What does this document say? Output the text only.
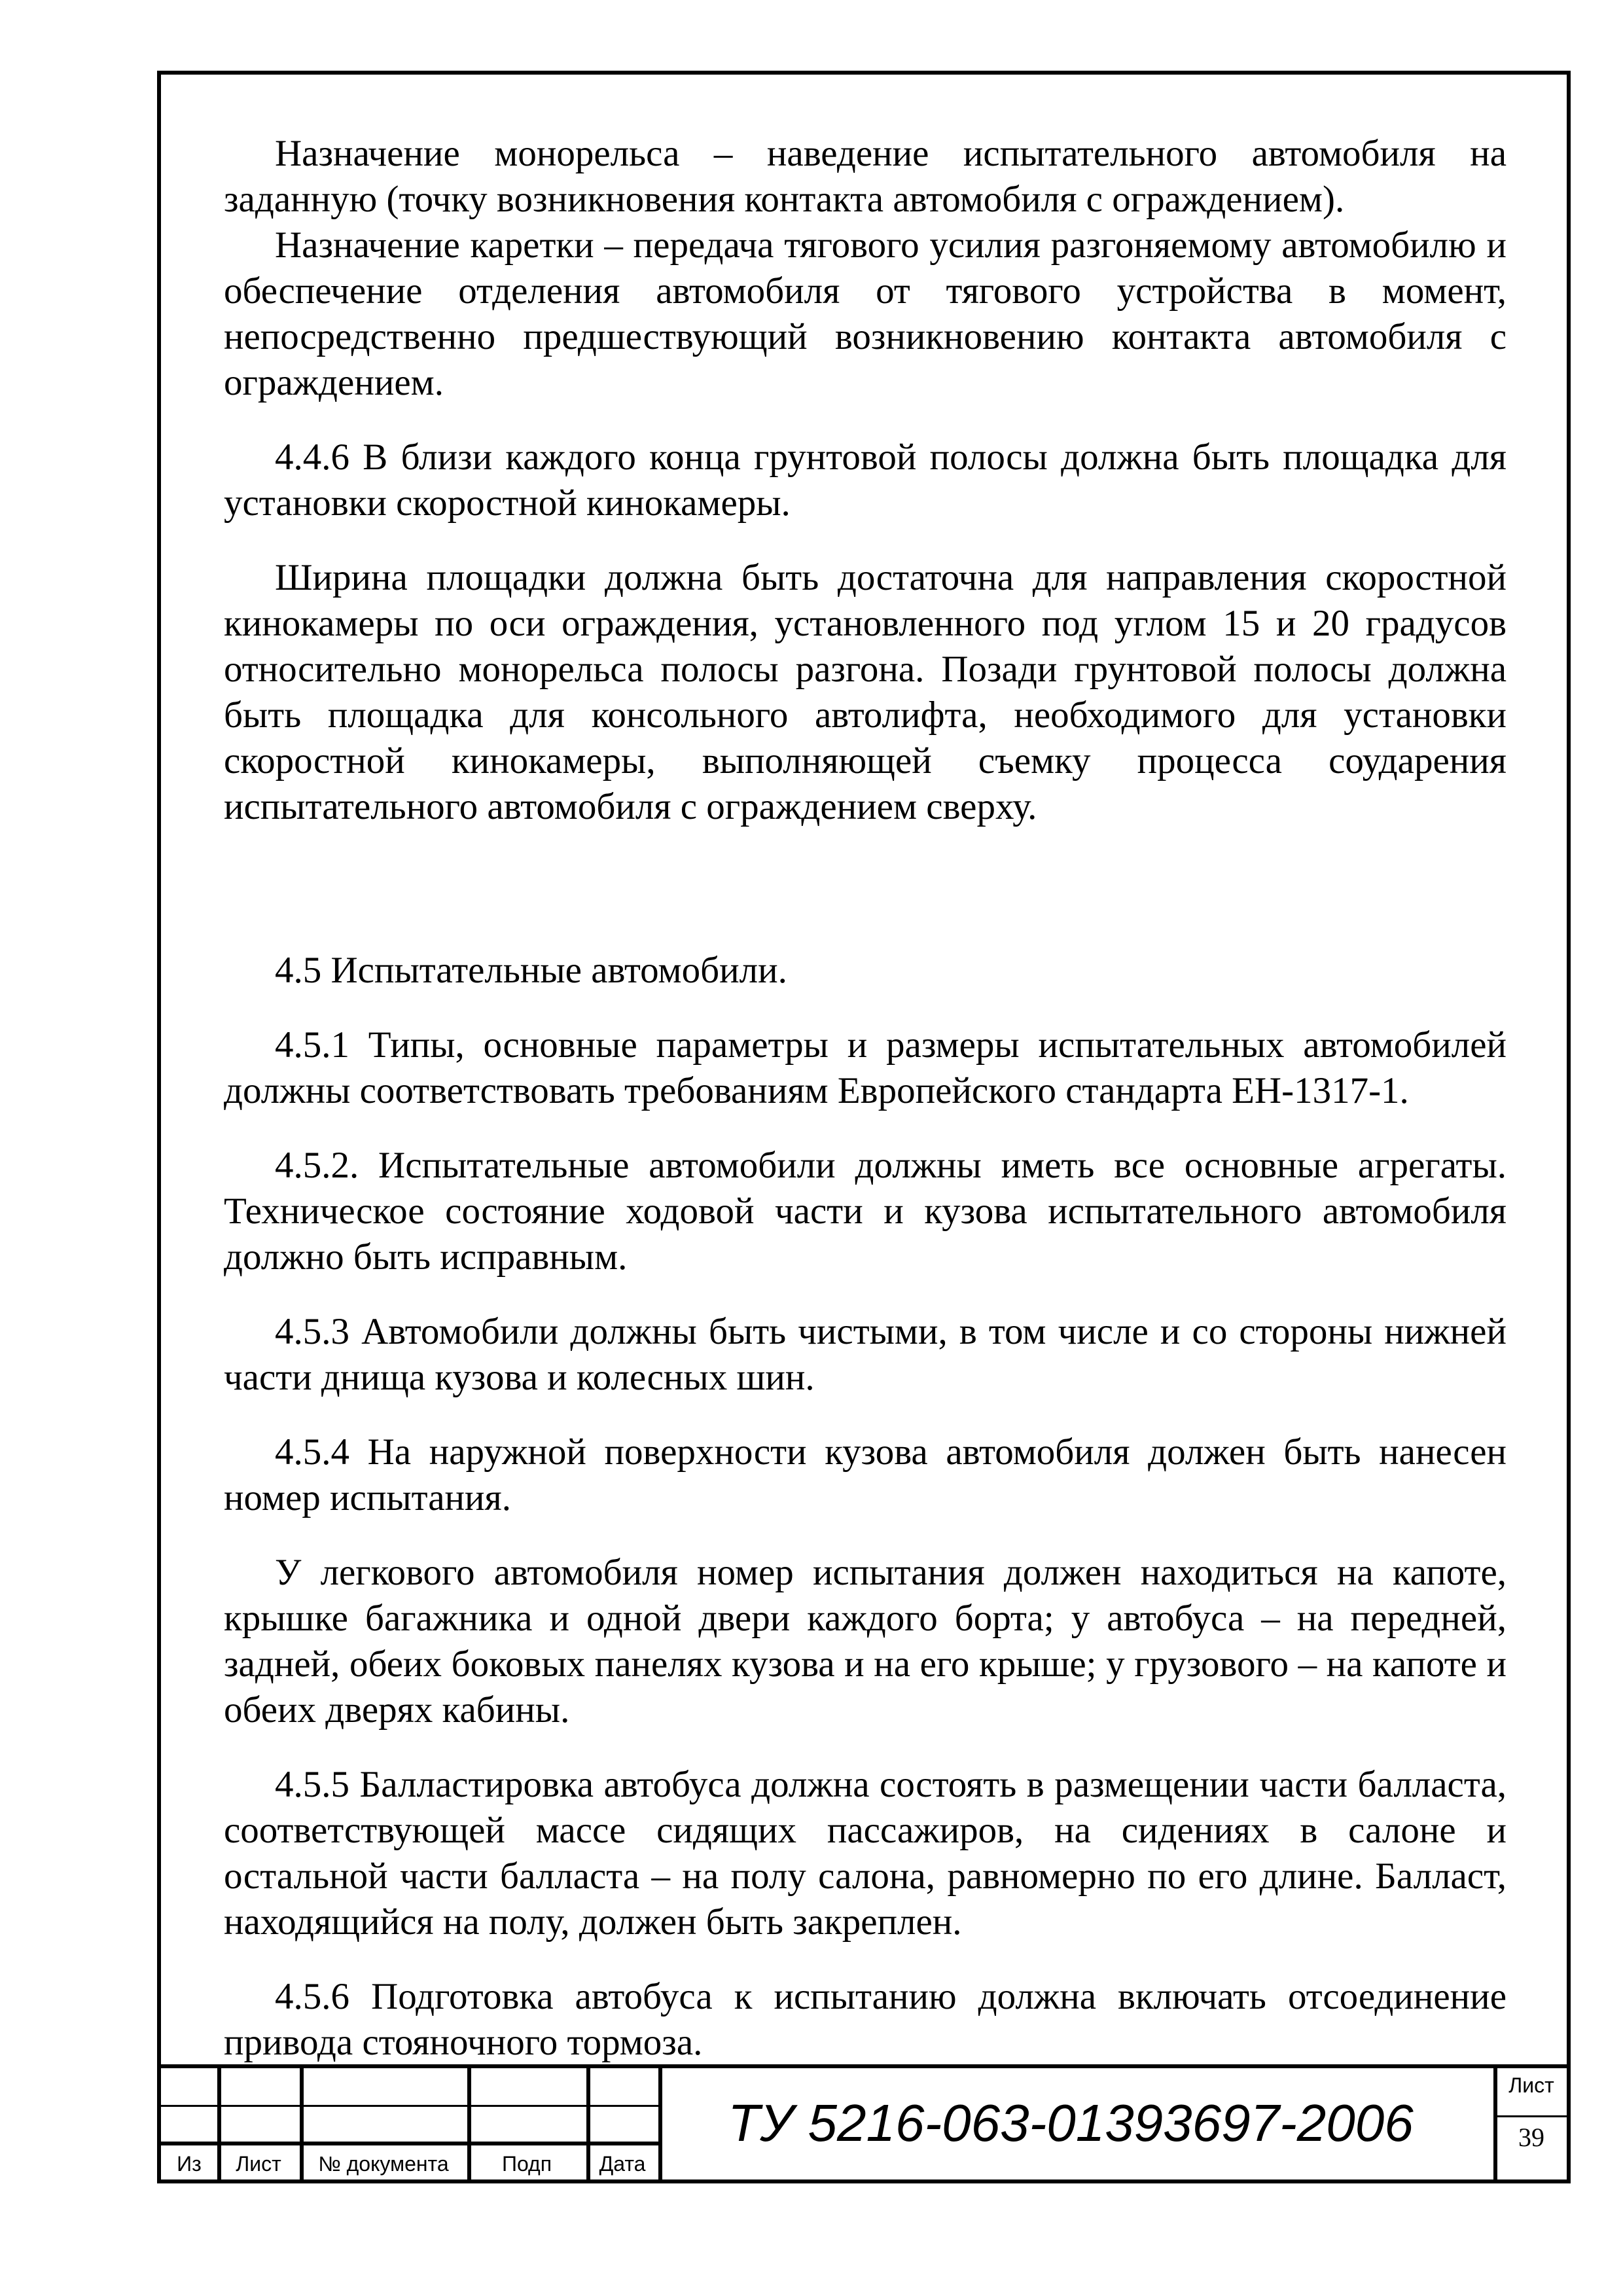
Назначение монорельса – наведение испытательного автомобиля на заданную (точку возникновения контакта автомобиля с ограждением).

Назначение каретки – передача тягового усилия разгоняемому автомобилю и обеспечение отделения автомобиля от тягового устройства в момент, непосредственно предшествующий возникновению контакта автомобиля с ограждением.

4.4.6 В близи каждого конца грунтовой полосы должна быть площадка для установки скоростной кинокамеры.

Ширина площадки должна быть достаточна для направления скоростной кинокамеры по оси ограждения, установленного под углом 15 и 20 градусов относительно монорельса полосы разгона. Позади грунтовой полосы должна быть площадка для консольного автолифта, необходимого для установки скоростной кинокамеры, выполняющей съемку процесса соударения испытательного автомобиля с ограждением сверху.

4.5 Испытательные автомобили.

4.5.1 Типы, основные параметры и размеры испытательных автомобилей должны соответствовать требованиям Европейского стандарта ЕН-1317-1.

4.5.2. Испытательные автомобили должны иметь все основные агрегаты. Техническое состояние ходовой части и кузова испытательного автомобиля должно быть исправным.

4.5.3 Автомобили должны быть чистыми, в том числе и со стороны нижней части днища кузова и колесных шин.

4.5.4 На наружной поверхности кузова автомобиля должен быть нанесен номер испытания.

У легкового автомобиля номер испытания должен находиться на капоте, крышке багажника и одной двери каждого борта; у автобуса – на передней, задней, обеих боковых панелях кузова и на его крыше; у грузового – на капоте и обеих дверях кабины.

4.5.5 Балластировка автобуса должна состоять в размещении части балласта, соответствующей массе сидящих пассажиров, на сидениях в салоне и остальной части балласта – на полу салона, равномерно по его длине. Балласт, находящийся на полу, должен быть закреплен.

4.5.6 Подготовка автобуса к испытанию должна включать отсоединение привода стояночного тормоза.

Из	Лист	№ документа	Подп	Дата
ТУ 5216-063-01393697-2006
Лист
39
